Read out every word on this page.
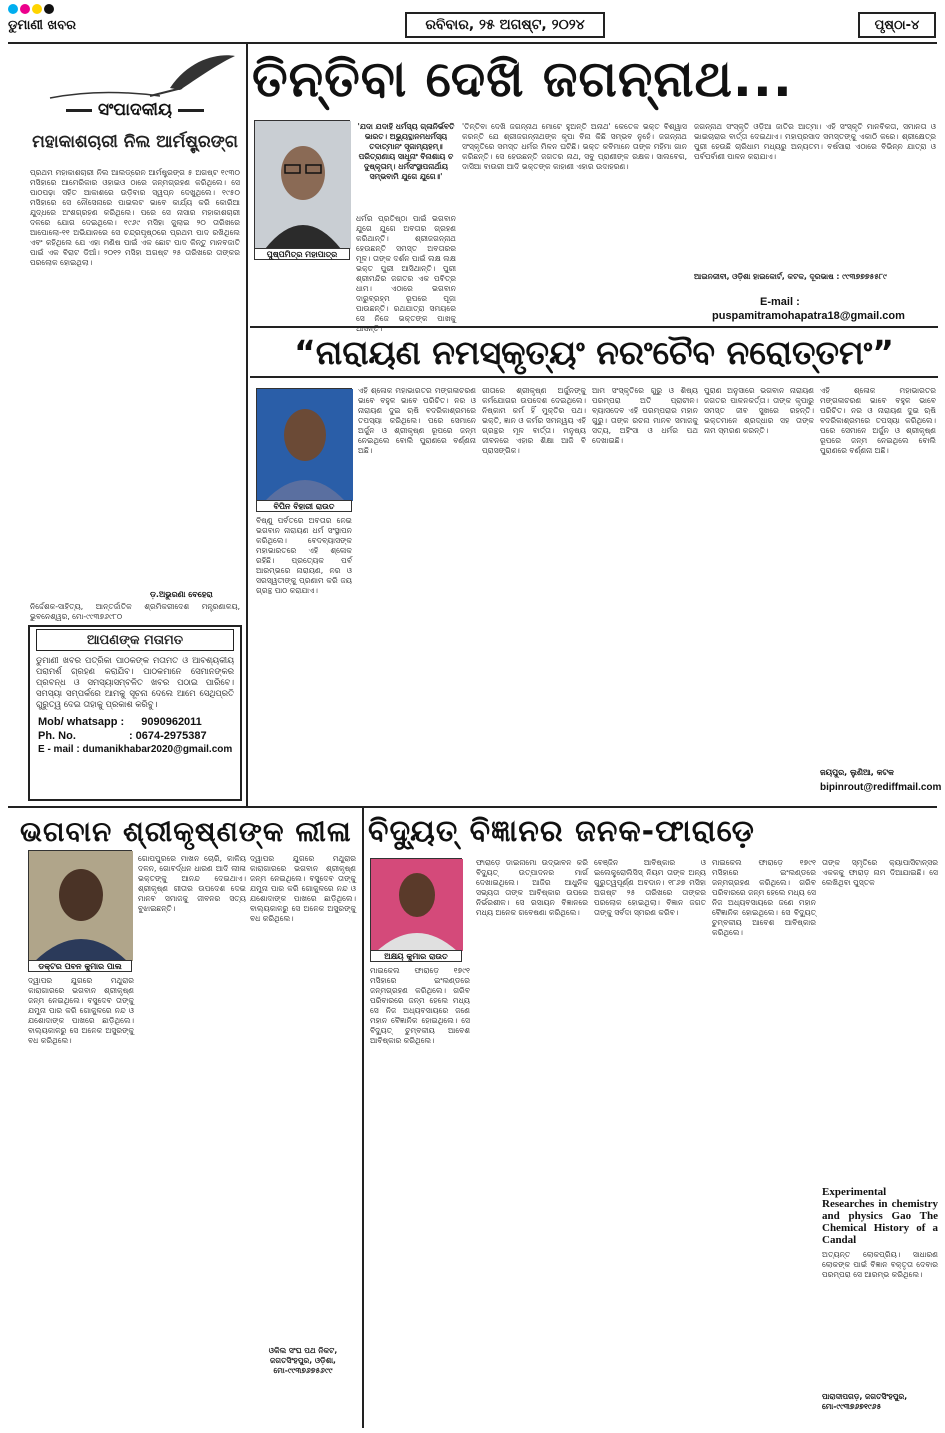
ଡୁମାଣୀ ଖବର	ରବିବାର, ୨୫ ଅଗଷ୍ଟ, ୨୦୨୪	ପୃଷ୍ଠା-୪
ସଂପାଦକୀୟ
ମହାକାଶଚାରୀ ନିଲ ଆର୍ମଷ୍ଟ୍ରଙ୍ଗ
ପ୍ରଥମ ମହାକାଶଚାରୀ ନିଲ ଆଲଡ୍ରେନ ଆର୍ମଷ୍ଟ୍ରଙ୍ଗ ୫ ଅଗଷ୍ଟ ୧୯୩୦ ମସିହାରେ ଆମେରିକାର ଓହାଇଓ ଠାରେ ଜନ୍ମଗ୍ରହଣ କରିଥିଲେ। ସେ ପାଠପଢ଼ା ସହିତ ଆକାଶରେ ଉଡ଼ିବାର ସ୍ୱପ୍ନ ଦେଖୁଥିଲେ। ୧୯୫୦ ମସିହାରେ ସେ ନୌସେନାରେ ପାଇଲଟ ଭାବେ କାର୍ଯ୍ୟ କରି କୋରିଆ ଯୁଦ୍ଧରେ ଅଂଶଗ୍ରହଣ କରିଥିଲେ। ପରେ ସେ ନାସାର ମହାକାଶଚାରୀ ଦଳରେ ଯୋଗ ଦେଇଥିଲେ। ୧୯୬୯ ମସିହା ଜୁଲାଇ ୨୦ ତାରିଖରେ ଆପୋଲୋ-୧୧ ଅଭିଯାନରେ ସେ ଚନ୍ଦ୍ରପୃଷ୍ଠରେ ପ୍ରଥମ ପାଦ ରଖିଥିଲେ ଏବଂ କହିଥିଲେ ଯେ ଏହା ମଣିଷ ପାଇଁ ଏକ ଛୋଟ ପାଦ କିନ୍ତୁ ମାନବଜାତି ପାଇଁ ଏକ ବିରାଟ ଡିଆଁ। ୨୦୧୨ ମସିହା ଅଗଷ୍ଟ ୨୫ ତାରିଖରେ ତାଙ୍କର ପରଲୋକ ହୋଇଥିଲା।
ଡ଼.ଅଭୁରଣା ବେହେରା
ନିର୍ଦ୍ଦେଶକ-ସାହିତ୍ୟ, ଆନ୍ତର୍ଜାତିକ ଶ୍ରମିକରୀଦେଶ ମନ୍ତ୍ରଣାଳୟ, ଭୁବନେଶ୍ୱର, ମୋ-୯୯୩୭୬୯୮୦
ଆପଣଙ୍କ ମତାମତ
ଡୁମାଣୀ ଖବର ପତ୍ରିକା ପାଠକଙ୍କ ମତାମତ ଓ ଆବଶ୍ୟକୀୟ ପରାମର୍ଶ ଗ୍ରହଣ କରାଯିବ। ପାଠକମାନେ ସେମାନଙ୍କର ପ୍ରବନ୍ଧ ଓ ସମସ୍ୟାସମ୍ବଳିତ ଖବର ପଠାଇ ପାରିବେ। ସମସ୍ୟା ସମ୍ପର୍କରେ ଆମକୁ ସୂଚନା ଦେଲେ ଆମେ ସେଥିପ୍ରତି ଗୁରୁତ୍ୱ ଦେଇ ତାହାକୁ ପ୍ରକାଶ କରିବୁ।
Mob/ whatsapp : 9090962011
Ph. No.	: 0674-2975387
E - mail : dumanikhabar2020@gmail.com
ତିନ୍ତିବା ଦେଖି ଜଗନ୍ନାଥ...
ପୁଷ୍ପମିତ୍ର ମହାପାତ୍ର
'ଯଦା ଯଦାହି ଧର୍ମସ୍ୟ ଗ୍ଳାନିର୍ଭବତି ଭାରତ। ଅଭ୍ୟୁତ୍ଥାନମଧର୍ମସ୍ୟ ତଦାତ୍ମାନଂ ସୃଜାମ୍ୟହମ୍॥ ପରିତ୍ରାଣାୟ ସାଧୂନାଂ ବିନାଶାୟ ଚ ଦୁଷ୍କୃତାମ୍। ଧର୍ମସଂସ୍ଥାପନାର୍ଥାୟ ସମ୍ଭବାମି ଯୁଗେ ଯୁଗେ॥'
ଧର୍ମର ପ୍ରତିଷ୍ଠା ପାଇଁ ଭଗବାନ ଯୁଗେ ଯୁଗେ ଅବତାର ଗ୍ରହଣ କରିଥାନ୍ତି। ଶ୍ରୀଜଗନ୍ନାଥ ହେଉଛନ୍ତି ସମସ୍ତ ଅବତାରର ମୂଳ। ତାଙ୍କ ଦର୍ଶନ ପାଇଁ ଲକ୍ଷ ଲକ୍ଷ ଭକ୍ତ ପୁରୀ ଆସିଥାନ୍ତି। ପୁରୀ ଶ୍ରୀମନ୍ଦିର ଜଗତର ଏକ ପବିତ୍ର ଧାମ। ଏଠାରେ ଭଗବାନ ଦାରୁବ୍ରହ୍ମ ରୂପରେ ପୂଜା ପାଉଛନ୍ତି। ରଥଯାତ୍ରା ସମୟରେ ସେ ନିଜେ ଭକ୍ତଙ୍କ ପାଖକୁ ଆସନ୍ତି।
'ତିନ୍ତିବା ଦେଖି ଜଗନ୍ନାଥ ମୋଟେ ହୁଅନ୍ତି ଅନାଥ' କେତେକ ଭକ୍ତ ବିଶ୍ୱାସ କରନ୍ତି ଯେ ଶ୍ରୀଜଗନ୍ନାଥଙ୍କ କୃପା ବିନା କିଛି ସମ୍ଭବ ନୁହେଁ। ଜଗନ୍ନାଥ ସଂସ୍କୃତିରେ ସମସ୍ତ ଧର୍ମର ମିଳନ ଘଟିଛି। ଭକ୍ତ କବିମାନେ ତାଙ୍କ ମହିମା ଗାନ କରିଛନ୍ତି। ସେ ହେଉଛନ୍ତି ଜଗତର ନାଥ, ସବୁ ପ୍ରାଣୀଙ୍କ ରକ୍ଷକ। ସାଲବେଗ, ଦାସିଆ ବାଉରୀ ଆଦି ଭକ୍ତଙ୍କ କାହାଣୀ ଏହାର ଉଦାହରଣ।
ଜଗନ୍ନାଥ ସଂସ୍କୃତି ଓଡ଼ିଆ ଜାତିର ଆତ୍ମା। ଏହି ସଂସ୍କୃତି ମାନବିକତା, ସମାନତା ଓ ଭାଇଚାରାର ବାର୍ତ୍ତା ଦେଇଥାଏ। ମହାପ୍ରସାଦ ସମସ୍ତଙ୍କୁ ଏକାଠି କରେ। ଶ୍ରୀକ୍ଷେତ୍ର ପୁରୀ ହେଉଛି ଚାରିଧାମ ମଧ୍ୟରୁ ଅନ୍ୟତମ। ବର୍ଷସାରା ଏଠାରେ ବିଭିନ୍ନ ଯାତ୍ରା ଓ ପର୍ବପର୍ବାଣୀ ପାଳନ କରାଯାଏ।
ଆଇନଜୀବୀ, ଓଡ଼ିଶା ହାଇକୋର୍ଟ, କଟକ, ଦୂରଭାଷ : ୯୯୩୭୭୭୫୫୮୯
E-mail :
puspamitramohapatra18@gmail.com
“ନାରାୟଣ ନମସ୍କୃତ୍ୟଂ ନରଂଚୈବ ନରୋତ୍ତମଂ”
ବିପିନ ବିହାରୀ ରାଉତ
ବିଷ୍ଣୁ ପର୍ବତରେ ଅବତାର ନେଇ ଭଗବାନ ନାରାୟଣ ଧର୍ମ ସଂସ୍ଥାପନ କରିଥିଲେ। ବେଦବ୍ୟାସଙ୍କ ମହାଭାରତରେ ଏହି ଶ୍ଳୋକ ରହିଛି। ପ୍ରତ୍ୟେକ ପର୍ବ ଆରମ୍ଭରେ ନାରାୟଣ, ନର ଓ ସରସ୍ୱତୀଙ୍କୁ ପ୍ରଣାମ କରି ଜୟ ଗ୍ରନ୍ଥ ପାଠ କରାଯାଏ।
ଏହି ଶ୍ଳୋକ ମହାଭାରତର ମଙ୍ଗଳାଚରଣ ଭାବେ ବହୁଳ ଭାବେ ପରିଚିତ। ନର ଓ ନାରାୟଣ ଦୁଇ ଋଷି ବଦରିକାଶ୍ରମରେ ତପସ୍ୟା କରିଥିଲେ। ପରେ ସେମାନେ ଅର୍ଜୁନ ଓ ଶ୍ରୀକୃଷ୍ଣ ରୂପରେ ଜନ୍ମ ନେଇଥିଲେ ବୋଲି ପୁରାଣରେ ବର୍ଣ୍ଣନା ଅଛି।
ଗୀତାରେ ଶ୍ରୀକୃଷ୍ଣ ଅର୍ଜୁନଙ୍କୁ କର୍ମଯୋଗର ଉପଦେଶ ଦେଇଥିଲେ। ନିଷ୍କାମ କର୍ମ ହିଁ ମୁକ୍ତିର ପଥ। ଭକ୍ତି, ଜ୍ଞାନ ଓ କର୍ମର ସମନ୍ୱୟ ଏହି ଗ୍ରନ୍ଥର ମୂଳ ବାର୍ତ୍ତା। ମନୁଷ୍ୟ ଜୀବନରେ ଏହାର ଶିକ୍ଷା ଆଜି ବି ପ୍ରାସଙ୍ଗିକ।
ଆମ ସଂସ୍କୃତିରେ ଗୁରୁ ଓ ଶିଷ୍ୟ ପରମ୍ପରା ଅତି ପ୍ରାଚୀନ। ବ୍ୟାସଦେବ ଏହି ପରମ୍ପରାର ମହାନ ଗୁରୁ। ତାଙ୍କ ରଚନା ମାନବ ସମାଜକୁ ସତ୍ୟ, ଅହିଂସା ଓ ଧର୍ମର ପଥ ଦେଖାଇଛି।
ପୁରାଣ ଅନୁସାରେ ଭଗବାନ ନାରାୟଣ ଜଗତର ପାଳନକର୍ତ୍ତା। ତାଙ୍କ କୃପାରୁ ସମସ୍ତ ଜୀବ ସୁଖରେ ରହନ୍ତି। ଭକ୍ତମାନେ ଶ୍ରଦ୍ଧାର ସହ ତାଙ୍କ ନାମ ସ୍ମରଣ କରନ୍ତି।
ଏହି ଶ୍ଳୋକ ମହାଭାରତର ମଙ୍ଗଳାଚରଣ ଭାବେ ବହୁଳ ଭାବେ ପରିଚିତ। ନର ଓ ନାରାୟଣ ଦୁଇ ଋଷି ବଦରିକାଶ୍ରମରେ ତପସ୍ୟା କରିଥିଲେ। ପରେ ସେମାନେ ଅର୍ଜୁନ ଓ ଶ୍ରୀକୃଷ୍ଣ ରୂପରେ ଜନ୍ମ ନେଇଥିଲେ ବୋଲି ପୁରାଣରେ ବର୍ଣ୍ଣନା ଅଛି।
ଜୟପୁର, ଲୁଣିଆ, କଟକ
bipinrout@rediffmail.com
ଭଗବାନ ଶ୍ରୀକୃଷ୍ଣଙ୍କ ଲୀଳା
ଡକ୍ଟର ପବନ କୁମାର ପାଲ
ଦ୍ୱାପର ଯୁଗରେ ମଥୁରାର କାରାଗାରରେ ଭଗବାନ ଶ୍ରୀକୃଷ୍ଣ ଜନ୍ମ ନେଇଥିଲେ। ବସୁଦେବ ତାଙ୍କୁ ଯମୁନା ପାର କରି ଗୋକୁଳରେ ନନ୍ଦ ଓ ଯଶୋଦାଙ୍କ ପାଖରେ ଛାଡ଼ିଥିଲେ। ବାଲ୍ୟକାଳରୁ ସେ ଅନେକ ଅସୁରଙ୍କୁ ବଧ କରିଥିଲେ।
ଗୋପପୁରରେ ମାଖନ ଚୋରି, କାଳିୟ ଦଳନ, ଗୋବର୍ଦ୍ଧନ ଧାରଣ ଆଦି ଲୀଳା ଭକ୍ତଙ୍କୁ ଆନନ୍ଦ ଦେଇଥାଏ। ଶ୍ରୀକୃଷ୍ଣ ଗୀତାର ଉପଦେଶ ଦେଇ ମାନବ ସମାଜକୁ ଜୀବନର ସତ୍ୟ ବୁଝାଇଛନ୍ତି।
ଦ୍ୱାପର ଯୁଗରେ ମଥୁରାର କାରାଗାରରେ ଭଗବାନ ଶ୍ରୀକୃଷ୍ଣ ଜନ୍ମ ନେଇଥିଲେ। ବସୁଦେବ ତାଙ୍କୁ ଯମୁନା ପାର କରି ଗୋକୁଳରେ ନନ୍ଦ ଓ ଯଶୋଦାଙ୍କ ପାଖରେ ଛାଡ଼ିଥିଲେ। ବାଲ୍ୟକାଳରୁ ସେ ଅନେକ ଅସୁରଙ୍କୁ ବଧ କରିଥିଲେ।
ଓକିଲ ସଂଘ ପଥ ନିକଟ, ଜଗତସିଂହପୁର, ଓଡ଼ିଶା, ମୋ-୯୯୩୭୬୭୫୬୯୯
ବିଦ୍ୟୁତ୍ ବିଜ୍ଞାନର ଜନକ-ଫାରାଡ଼େ
ଅକ୍ଷୟ କୁମାର ରାଉତ
ମାଇକେଲ ଫାରାଡ଼େ ୧୭୯୧ ମସିହାରେ ଇଂଲଣ୍ଡରେ ଜନ୍ମଗ୍ରହଣ କରିଥିଲେ। ଗରିବ ପରିବାରରେ ଜନ୍ମ ହେଲେ ମଧ୍ୟ ସେ ନିଜ ଅଧ୍ୟବସାୟରେ ଜଣେ ମହାନ ବୈଜ୍ଞାନିକ ହୋଇଥିଲେ। ସେ ବିଦ୍ୟୁତ୍ ଚୁମ୍ବକୀୟ ଆବେଶ ଆବିଷ୍କାର କରିଥିଲେ।
ଫାରାଡ଼େ ଡାଇନାମୋ ଉଦ୍ଭାବନ କରି ବିଦ୍ୟୁତ୍ ଉତ୍ପାଦନର ମାର୍ଗ ଦେଖାଇଥିଲେ। ଆଜିର ଆଧୁନିକ ସଭ୍ୟତା ତାଙ୍କ ଆବିଷ୍କାର ଉପରେ ନିର୍ଭରଶୀଳ। ସେ ରସାୟନ ବିଜ୍ଞାନରେ ମଧ୍ୟ ଅନେକ ଗବେଷଣା କରିଥିଲେ।
ବେଞ୍ଜିନ ଆବିଷ୍କାର ଓ ଇଲେକ୍ଟ୍ରୋଲିସିସ୍ ନିୟମ ତାଙ୍କ ଅନ୍ୟ ଗୁରୁତ୍ୱପୂର୍ଣ୍ଣ ଅବଦାନ। ୧୮୬୭ ମସିହା ଅଗଷ୍ଟ ୨୫ ତାରିଖରେ ତାଙ୍କର ପରଲୋକ ହୋଇଥିଲା। ବିଜ୍ଞାନ ଜଗତ ତାଙ୍କୁ ସର୍ବଦା ସ୍ମରଣ କରିବ।
ମାଇକେଲ ଫାରାଡ଼େ ୧୭୯୧ ମସିହାରେ ଇଂଲଣ୍ଡରେ ଜନ୍ମଗ୍ରହଣ କରିଥିଲେ। ଗରିବ ପରିବାରରେ ଜନ୍ମ ହେଲେ ମଧ୍ୟ ସେ ନିଜ ଅଧ୍ୟବସାୟରେ ଜଣେ ମହାନ ବୈଜ୍ଞାନିକ ହୋଇଥିଲେ। ସେ ବିଦ୍ୟୁତ୍ ଚୁମ୍ବକୀୟ ଆବେଶ ଆବିଷ୍କାର କରିଥିଲେ।
ତାଙ୍କ ସ୍ମୃତିରେ କ୍ୟାପାସିଟାନ୍ସର ଏକକକୁ ଫାରାଡ଼ ନାମ ଦିଆଯାଇଛି। ସେ ଲେଖିଥିବା ପୁସ୍ତକ
Experimental Researches in chemistry and physics Gao The Chemical History of a Candal
ଅତ୍ୟନ୍ତ ଲୋକପ୍ରିୟ। ସାଧାରଣ ଲୋକଙ୍କ ପାଇଁ ବିଜ୍ଞାନ ବକ୍ତୃତା ଦେବାର ପରମ୍ପରା ସେ ଆରମ୍ଭ କରିଥିଲେ।
ପାରାଦୀପଗଡ଼, ଜଗତସିଂହପୁର, ମୋ-୯୯୩୭୬୭୧୯୬୫
